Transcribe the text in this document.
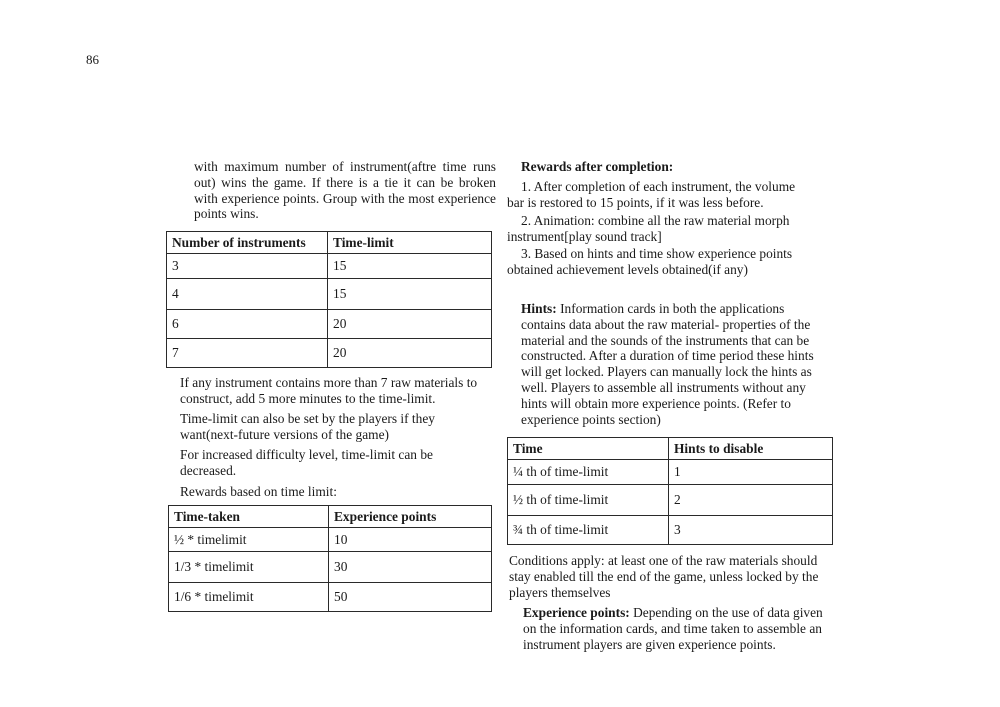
86

with maximum number of instrument(aftre time runs out) wins the game. If there is a tie it can be broken with experience points. Group with the most experience points wins.

Number of instruments	Time-limit
3	15
4	15
6	20
7	20

If any instrument contains more than 7 raw materials to construct, add 5 more minutes to the time-limit.

Time-limit can also be set by the players if they want(next-future versions of the game)

For increased difficulty level, time-limit can be decreased.

Rewards based on time limit:

Time-taken	Experience points
½ * timelimit	10
1/3 * timelimit	30
1/6 * timelimit	50

Rewards after completion:

1. After completion of each instrument, the volume bar is restored to 15 points, if it was less before.

2. Animation: combine all the raw material morph instrument[play sound track]

3. Based on hints and time show experience points obtained achievement levels obtained(if any)

Hints: Information cards in both the applications contains data about the raw material- properties of the material and the sounds of the instruments that can be constructed. After a duration of time period these hints will get locked. Players can manually lock the hints as well. Players to assemble all instruments without any hints will obtain more experience points. (Refer to experience points section)

Time	Hints to disable
¼ th of time-limit	1
½ th of time-limit	2
¾ th of time-limit	3

Conditions apply: at least one of the raw materials should stay enabled till the end of the game, unless locked by the players themselves

Experience points: Depending on the use of data given on the information cards, and time taken to assemble an instrument players are given experience points.
